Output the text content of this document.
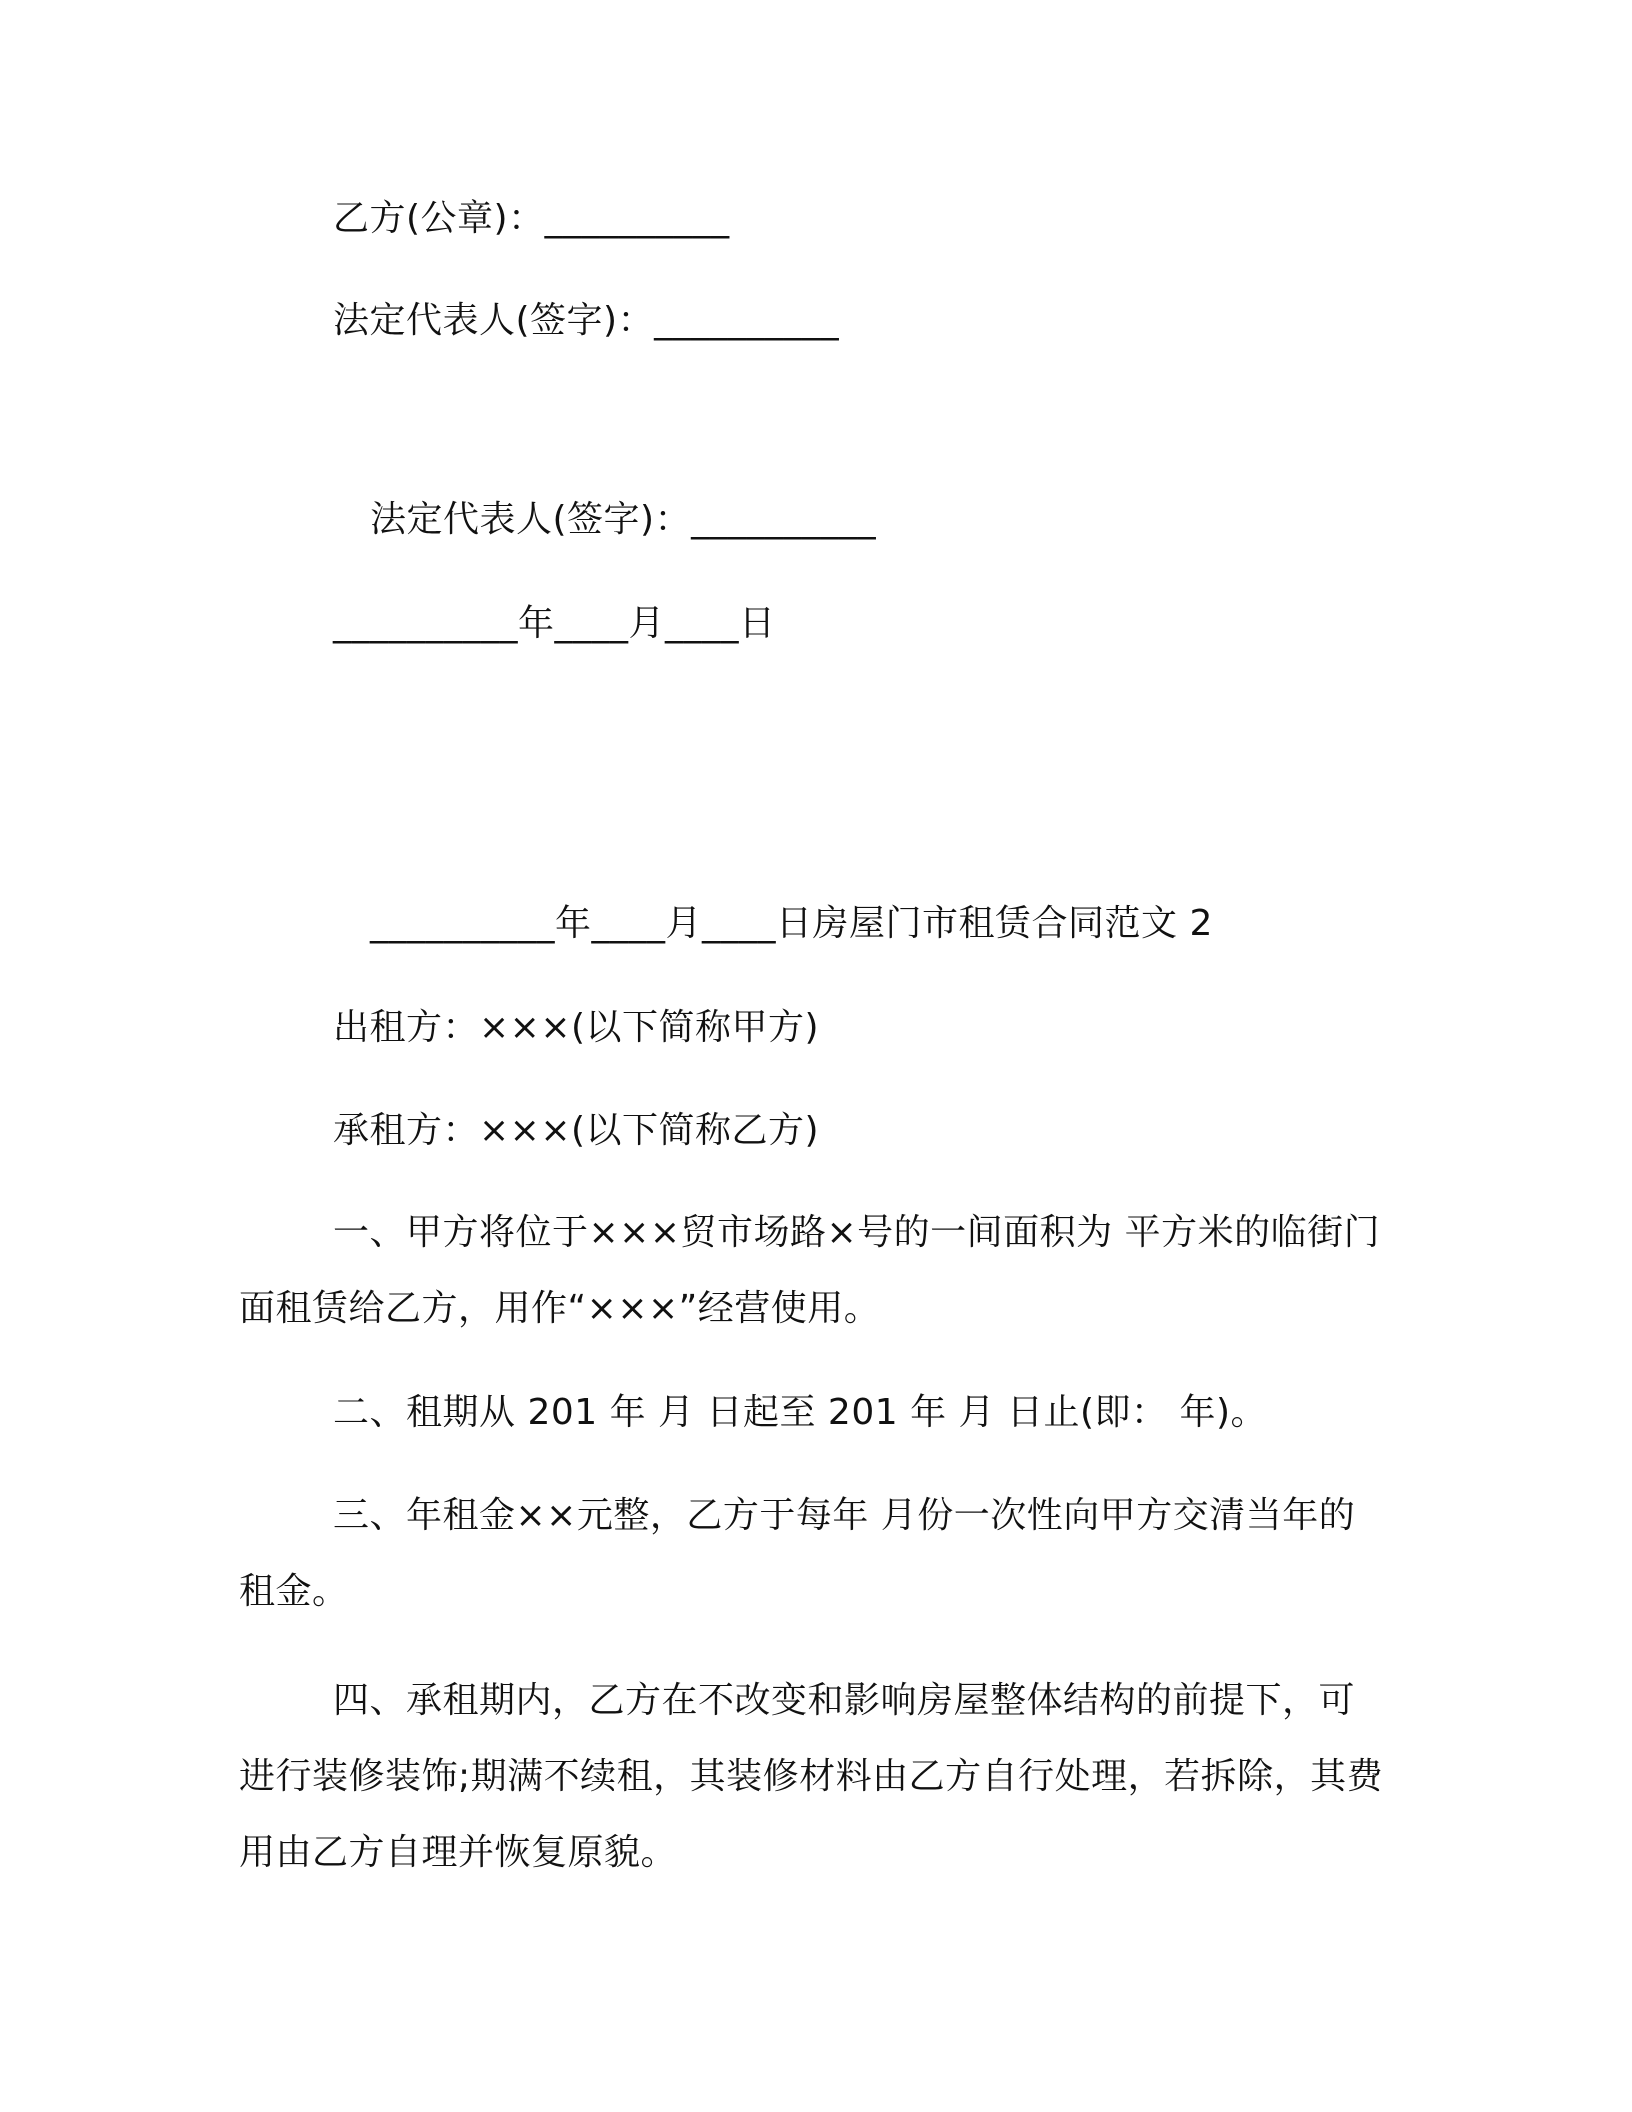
乙方(公章)：__________
法定代表人(签字)：__________
法定代表人(签字)：__________
__________年____月____日
__________年____月____日房屋门市租赁合同范文 2
出租方：×××(以下简称甲方)
承租方：×××(以下简称乙方)
一、甲方将位于×××贸市场路×号的一间面积为 平方米的临街门面租赁给乙方，用作“×××”经营使用。
二、租期从 201 年 月 日起至 201 年 月 日止(即： 年)。
三、年租金××元整，乙方于每年 月份一次性向甲方交清当年的租金。
四、承租期内，乙方在不改变和影响房屋整体结构的前提下，可进行装修装饰;期满不续租，其装修材料由乙方自行处理，若拆除，其费用由乙方自理并恢复原貌。
